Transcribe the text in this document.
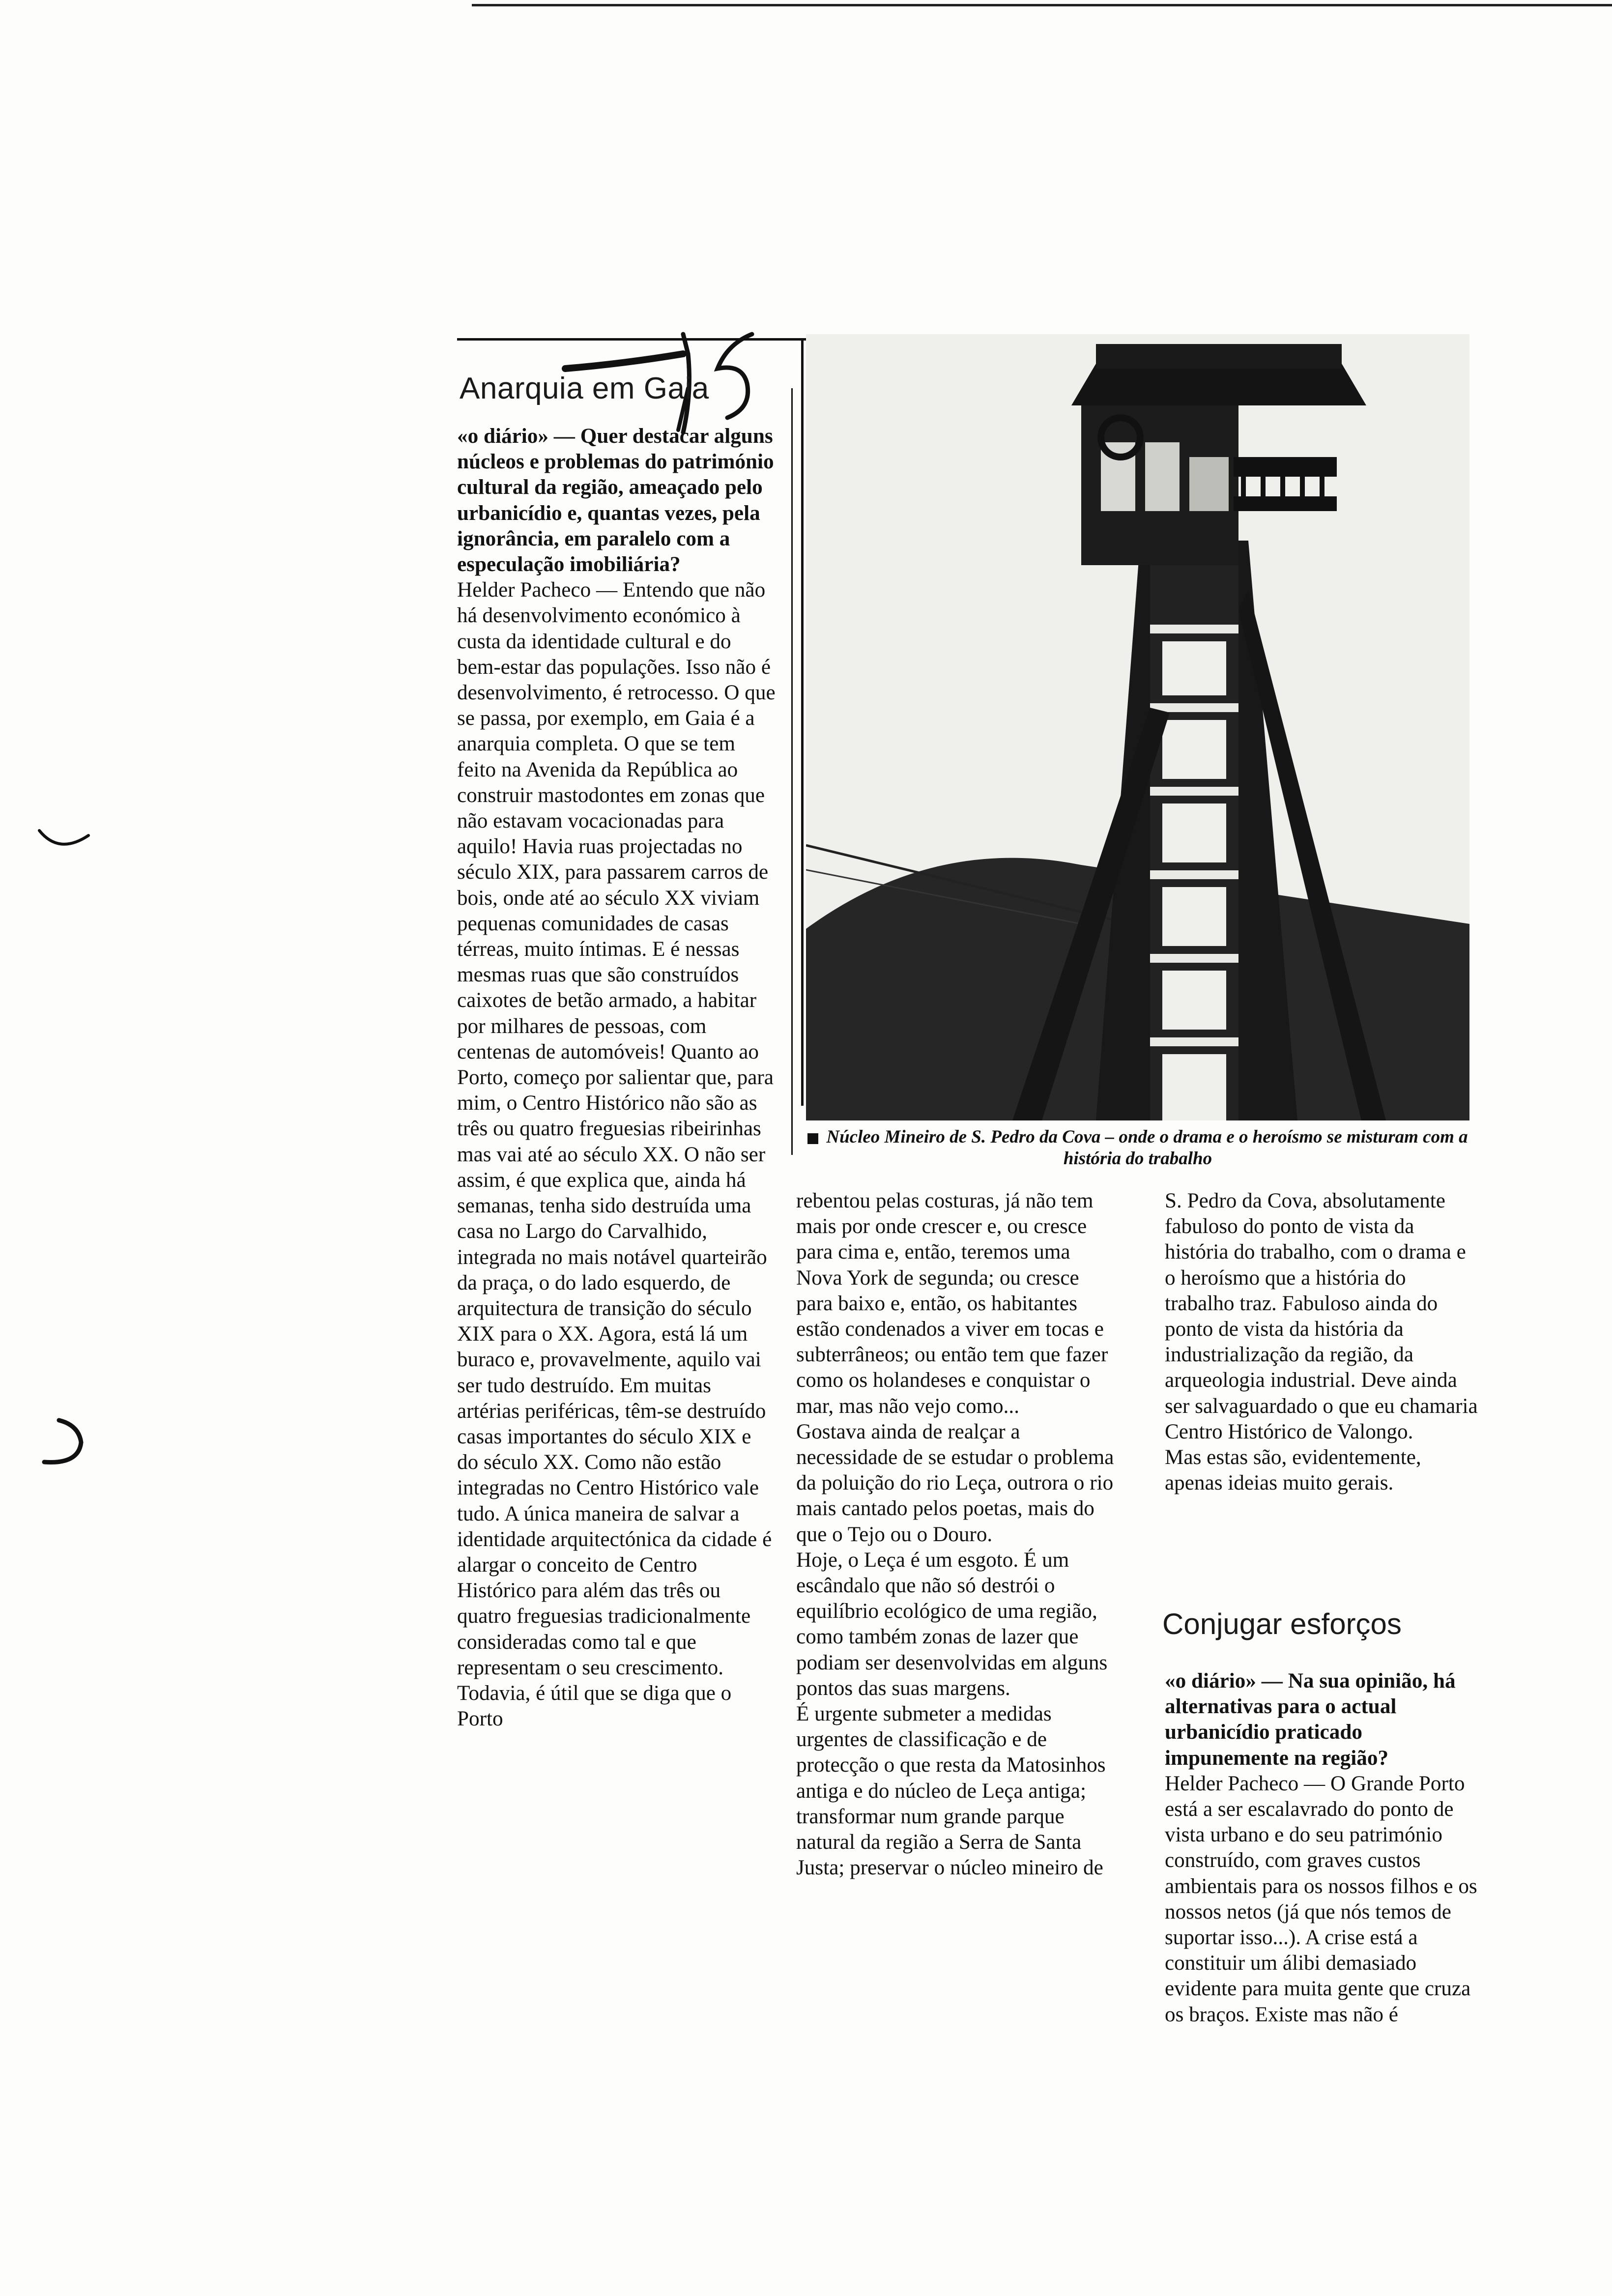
Anarquia em Gaia

«o diário» — Quer destacar alguns núcleos e problemas do património cultural da região, ameaçado pelo urbanicídio e, quantas vezes, pela ignorância, em paralelo com a especulação imobiliária?

Helder Pacheco — Entendo que não há desenvolvimento económico à custa da identidade cultural e do bem-estar das populações. Isso não é desenvolvimento, é retrocesso. O que se passa, por exemplo, em Gaia é a anarquia completa. O que se tem feito na Avenida da República ao construir mastodontes em zonas que não estavam vocacionadas para aquilo! Havia ruas projectadas no século XIX, para passarem carros de bois, onde até ao século XX viviam pequenas comunidades de casas térreas, muito íntimas. E é nessas mesmas ruas que são construídos caixotes de betão armado, a habitar por milhares de pessoas, com centenas de automóveis! Quanto ao Porto, começo por salientar que, para mim, o Centro Histórico não são as três ou quatro freguesias ribeirinhas mas vai até ao século XX. O não ser assim, é que explica que, ainda há semanas, tenha sido destruída uma casa no Largo do Carvalhido, integrada no mais notável quarteirão da praça, o do lado esquerdo, de arquitectura de transição do século XIX para o XX. Agora, está lá um buraco e, provavelmente, aquilo vai ser tudo destruído. Em muitas artérias periféricas, têm-se destruído casas importantes do século XIX e do século XX. Como não estão integradas no Centro Histórico vale tudo. A única maneira de salvar a identidade arquitectónica da cidade é alargar o conceito de Centro Histórico para além das três ou quatro freguesias tradicionalmente consideradas como tal e que representam o seu crescimento. Todavia, é útil que se diga que o Porto

Núcleo Mineiro de S. Pedro da Cova – onde o drama e o heroísmo se misturam com a história do trabalho

rebentou pelas costuras, já não tem mais por onde crescer e, ou cresce para cima e, então, teremos uma Nova York de segunda; ou cresce para baixo e, então, os habitantes estão condenados a viver em tocas e subterrâneos; ou então tem que fazer como os holandeses e conquistar o mar, mas não vejo como...

Gostava ainda de realçar a necessidade de se estudar o problema da poluição do rio Leça, outrora o rio mais cantado pelos poetas, mais do que o Tejo ou o Douro.

Hoje, o Leça é um esgoto. É um escândalo que não só destrói o equilíbrio ecológico de uma região, como também zonas de lazer que podiam ser desenvolvidas em alguns pontos das suas margens.

É urgente submeter a medidas urgentes de classificação e de protecção o que resta da Matosinhos antiga e do núcleo de Leça antiga; transformar num grande parque natural da região a Serra de Santa Justa; preservar o núcleo mineiro de

S. Pedro da Cova, absolutamente fabuloso do ponto de vista da história do trabalho, com o drama e o heroísmo que a história do trabalho traz. Fabuloso ainda do ponto de vista da história da industrialização da região, da arqueologia industrial. Deve ainda ser salvaguardado o que eu chamaria Centro Histórico de Valongo.

Mas estas são, evidentemente, apenas ideias muito gerais.

Conjugar esforços

«o diário» — Na sua opinião, há alternativas para o actual urbanicídio praticado impunemente na região?

Helder Pacheco — O Grande Porto está a ser escalavrado do ponto de vista urbano e do seu património construído, com graves custos ambientais para os nossos filhos e os nossos netos (já que nós temos de suportar isso...). A crise está a constituir um álibi demasiado evidente para muita gente que cruza os braços. Existe mas não é
